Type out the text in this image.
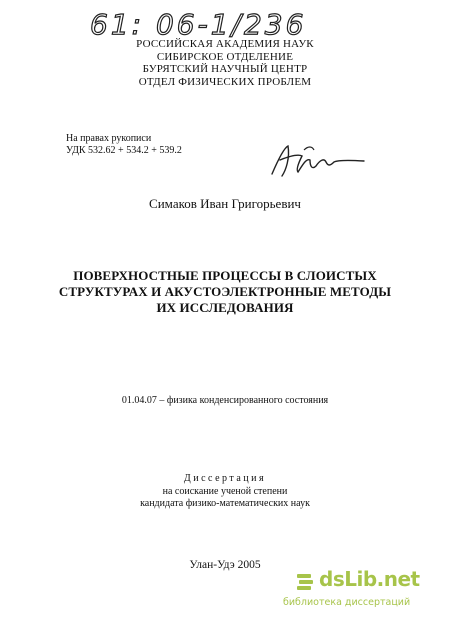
61: 06-1/236
РОССИЙСКАЯ АКАДЕМИЯ НАУК
СИБИРСКОЕ ОТДЕЛЕНИЕ
БУРЯТСКИЙ НАУЧНЫЙ ЦЕНТР
ОТДЕЛ ФИЗИЧЕСКИХ ПРОБЛЕМ
На правах рукописи
УДК 532.62 + 534.2 + 539.2
Симаков Иван Григорьевич
ПОВЕРХНОСТНЫЕ ПРОЦЕССЫ В СЛОИСТЫХ
СТРУКТУРАХ И АКУСТОЭЛЕКТРОННЫЕ МЕТОДЫ
ИХ ИССЛЕДОВАНИЯ
01.04.07 – физика конденсированного состояния
Диссертация
на соискание ученой степени
кандидата физико-математических наук
Улан-Удэ 2005
dsLib.net
библиотека диссертаций
